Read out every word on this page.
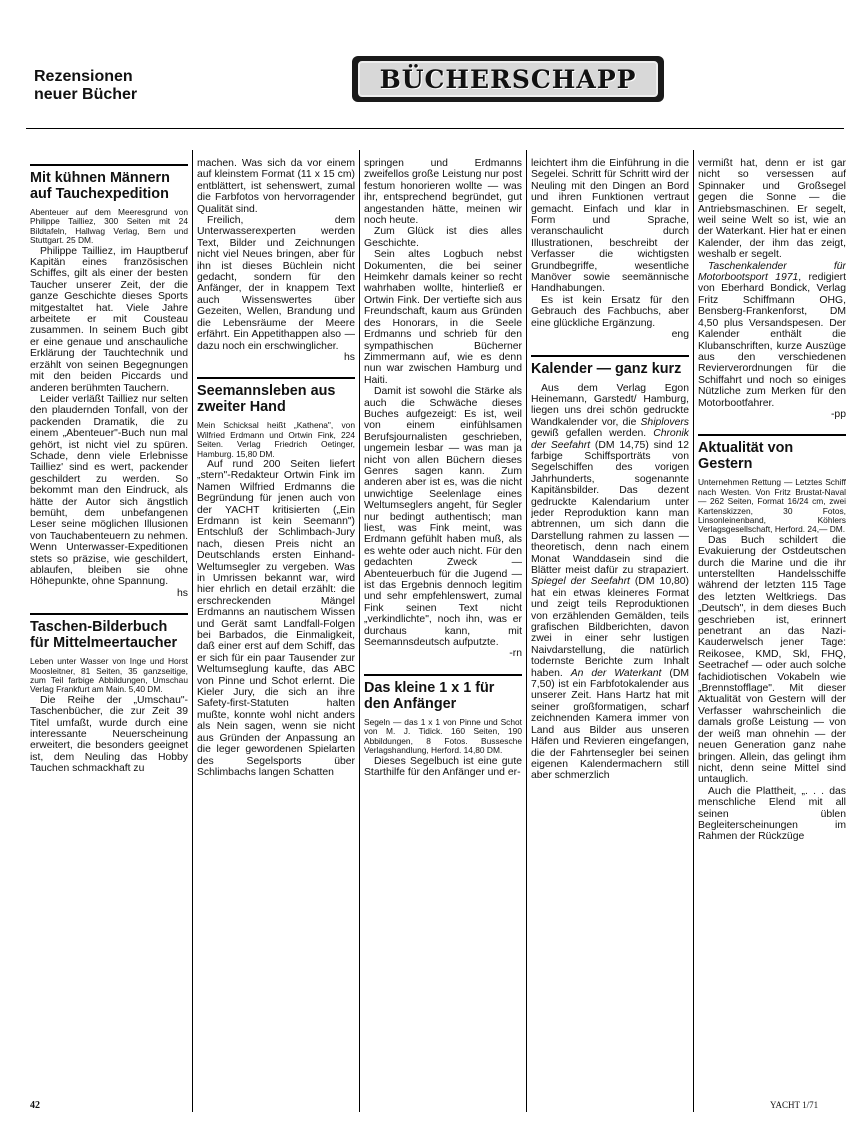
Rezensionen
neuer Bücher
BÜCHERSCHAPP
Mit kühnen Männern auf Tauchexpedition

Abenteuer auf dem Meeresgrund von Philippe Tailliez, 300 Seiten mit 24 Bildtafeln, Hallwag Verlag, Bern und Stuttgart. 25 DM.

Philippe Tailliez, im Hauptberuf Kapitän eines französischen Schiffes, gilt als einer der besten Taucher unserer Zeit, der die ganze Geschichte dieses Sports mitgestaltet hat. Viele Jahre arbeitete er mit Cousteau zusammen. In seinem Buch gibt er eine genaue und anschauliche Erklärung der Tauchtechnik und erzählt von seinen Begegnungen mit den beiden Piccards und anderen berühmten Tauchern.

Leider verläßt Tailliez nur selten den plaudernden Tonfall, von der packenden Dramatik, die zu einem „Abenteuer"-Buch nun mal gehört, ist nicht viel zu spüren. Schade, denn viele Erlebnisse Tailliez' sind es wert, packender geschildert zu werden. So bekommt man den Eindruck, als hätte der Autor sich ängstlich bemüht, dem unbefangenen Leser seine möglichen Illusionen von Tauchabenteuern zu nehmen. Wenn Unterwasser-Expeditionen stets so präzise, wie geschildert, ablaufen, bleiben sie ohne Höhepunkte, ohne Spannung.

hs
Taschen-Bilderbuch für Mittelmeertaucher

Leben unter Wasser von Inge und Horst Moosleitner, 81 Seiten, 35 ganzseitige, zum Teil farbige Abbildungen, Umschau Verlag Frankfurt am Main. 5,40 DM.

Die Reihe der „Umschau"-Taschenbücher, die zur Zeit 39 Titel umfaßt, wurde durch eine interessante Neuerscheinung erweitert, die besonders geeignet ist, dem Neuling das Hobby Tauchen schmackhaft zu

machen. Was sich da vor einem auf kleinstem Format (11 x 15 cm) entblättert, ist sehenswert, zumal die Farbfotos von hervorragender Qualität sind.

Freilich, dem Unterwasserexperten werden Text, Bilder und Zeichnungen nicht viel Neues bringen, aber für ihn ist dieses Büchlein nicht gedacht, sondern für den Anfänger, der in knappem Text auch Wissenswertes über Gezeiten, Wellen, Brandung und die Lebensräume der Meere erfährt. Ein Appetithappen also — dazu noch ein erschwinglicher.

hs
Seemannsleben aus zweiter Hand

Mein Schicksal heißt „Kathena", von Wilfried Erdmann und Ortwin Fink, 224 Seiten. Verlag Friedrich Oetinger, Hamburg. 15,80 DM.

Auf rund 200 Seiten liefert „stern"-Redakteur Ortwin Fink im Namen Wilfried Erdmanns die Begründung für jenen auch von der YACHT kritisierten („Ein Erdmann ist kein Seemann") Entschluß der Schlimbach-Jury nach, diesen Preis nicht an Deutschlands ersten Einhand-Weltumsegler zu vergeben. Was in Umrissen bekannt war, wird hier ehrlich en detail erzählt: die erschreckenden Mängel Erdmanns an nautischem Wissen und Gerät samt Landfall-Folgen bei Barbados, die Einmaligkeit, daß einer erst auf dem Schiff, das er sich für ein paar Tausender zur Weltumseglung kaufte, das ABC von Pinne und Schot erlernt. Die Kieler Jury, die sich an ihre Safety-first-Statuten halten mußte, konnte wohl nicht anders als Nein sagen, wenn sie nicht aus Gründen der Anpassung an die leger gewordenen Spielarten des Segelsports über Schlimbachs langen Schatten

springen und Erdmanns zweifellos große Leistung nur post festum honorieren wollte — was ihr, entsprechend begründet, gut angestanden hätte, meinen wir noch heute.

Zum Glück ist dies alles Geschichte.

Sein altes Logbuch nebst Dokumenten, die bei seiner Heimkehr damals keiner so recht wahrhaben wollte, hinterließ er Ortwin Fink. Der vertiefte sich aus Freundschaft, kaum aus Gründen des Honorars, in die Seele Erdmanns und schrieb für den sympathischen Bücherner Zimmermann auf, wie es denn nun war zwischen Hamburg und Haiti.

Damit ist sowohl die Stärke als auch die Schwäche dieses Buches aufgezeigt: Es ist, weil von einem einfühlsamen Berufsjournalisten geschrieben, ungemein lesbar — was man ja nicht von allen Büchern dieses Genres sagen kann. Zum anderen aber ist es, was die nicht unwichtige Seelenlage eines Weltumseglers angeht, für Segler nur bedingt authentisch; man liest, was Fink meint, was Erdmann gefühlt haben muß, als es wehte oder auch nicht. Für den gedachten Zweck — Abenteuerbuch für die Jugend — ist das Ergebnis dennoch legitim und sehr empfehlenswert, zumal Fink seinen Text nicht „verkindlichte", noch ihn, was er durchaus kann, mit Seemannsdeutsch aufputzte.

-rn
Das kleine 1 x 1 für den Anfänger

Segeln — das 1 x 1 von Pinne und Schot von M. J. Tidick. 160 Seiten, 190 Abbildungen, 8 Fotos. Bussesche Verlagshandlung, Herford. 14,80 DM.

Dieses Segelbuch ist eine gute Starthilfe für den Anfänger und er-

leichtert ihm die Einführung in die Segelei. Schritt für Schritt wird der Neuling mit den Dingen an Bord und ihren Funktionen vertraut gemacht. Einfach und klar in Form und Sprache, veranschaulicht durch Illustrationen, beschreibt der Verfasser die wichtigsten Grundbegriffe, wesentliche Manöver sowie seemännische Handhabungen.

Es ist kein Ersatz für den Gebrauch des Fachbuchs, aber eine glückliche Ergänzung.

eng
Kalender — ganz kurz

Aus dem Verlag Egon Heinemann, Garstedt/ Hamburg, liegen uns drei schön gedruckte Wandkalender vor, die Shiplovers gewiß gefallen werden. Chronik der Seefahrt (DM 14,75) sind 12 farbige Schiffsporträts von Segelschiffen des vorigen Jahrhunderts, sogenannte Kapitänsbilder. Das dezent gedruckte Kalendarium unter jeder Reproduktion kann man abtrennen, um sich dann die Darstellung rahmen zu lassen — theoretisch, denn nach einem Monat Wanddasein sind die Blätter meist dafür zu strapaziert. Spiegel der Seefahrt (DM 10,80) hat ein etwas kleineres Format und zeigt teils Reproduktionen von erzählenden Gemälden, teils grafischen Bildberichten, davon zwei in einer sehr lustigen Naivdarstellung, die natürlich todernste Berichte zum Inhalt haben. An der Waterkant (DM 7,50) ist ein Farbfotokalender aus unserer Zeit. Hans Hartz hat mit seiner großformatigen, scharf zeichnenden Kamera immer von Land aus Bilder aus unseren Häfen und Revieren eingefangen, die der Fahrtensegler bei seinen eigenen Kalendermachern still aber schmerzlich

vermißt hat, denn er ist gar nicht so versessen auf Spinnaker und Großsegel gegen die Sonne — die Antriebsmaschinen. Er segelt, weil seine Welt so ist, wie an der Waterkant. Hier hat er einen Kalender, der ihm das zeigt, weshalb er segelt.

Taschenkalender für Motorbootsport 1971, redigiert von Eberhard Bondick, Verlag Fritz Schiffmann OHG, Bensberg-Frankenforst, DM 4,50 plus Versandspesen. Der Kalender enthält die Klubanschriften, kurze Auszüge aus den verschiedenen Revierverordnungen für die Schiffahrt und noch so einiges Nützliche zum Merken für den Motorbootfahrer.

-pp
Aktualität von Gestern

Unternehmen Rettung — Letztes Schiff nach Westen. Von Fritz Brustat-Naval — 262 Seiten, Format 16/24 cm, zwei Kartenskizzen, 30 Fotos, Linsonleinenband, Köhlers Verlagsgesellschaft, Herford. 24,— DM.

Das Buch schildert die Evakuierung der Ostdeutschen durch die Marine und die ihr unterstellten Handelsschiffe während der letzten 115 Tage des letzten Weltkriegs. Das „Deutsch", in dem dieses Buch geschrieben ist, erinnert penetrant an das Nazi-Kauderwelsch jener Tage: Reikosee, KMD, Skl, FHQ, Seetrachef — oder auch solche fachidiotischen Vokabeln wie „Brennstofflage". Mit dieser Aktualität von Gestern will der Verfasser wahrscheinlich die damals große Leistung — von der weiß man ohnehin — der neuen Generation ganz nahe bringen. Allein, das gelingt ihm nicht, denn seine Mittel sind untauglich.

Auch die Plattheit, „. . . das menschliche Elend mit all seinen üblen Begleiterscheinungen im Rahmen der Rückzüge

42	YACHT 1/71
